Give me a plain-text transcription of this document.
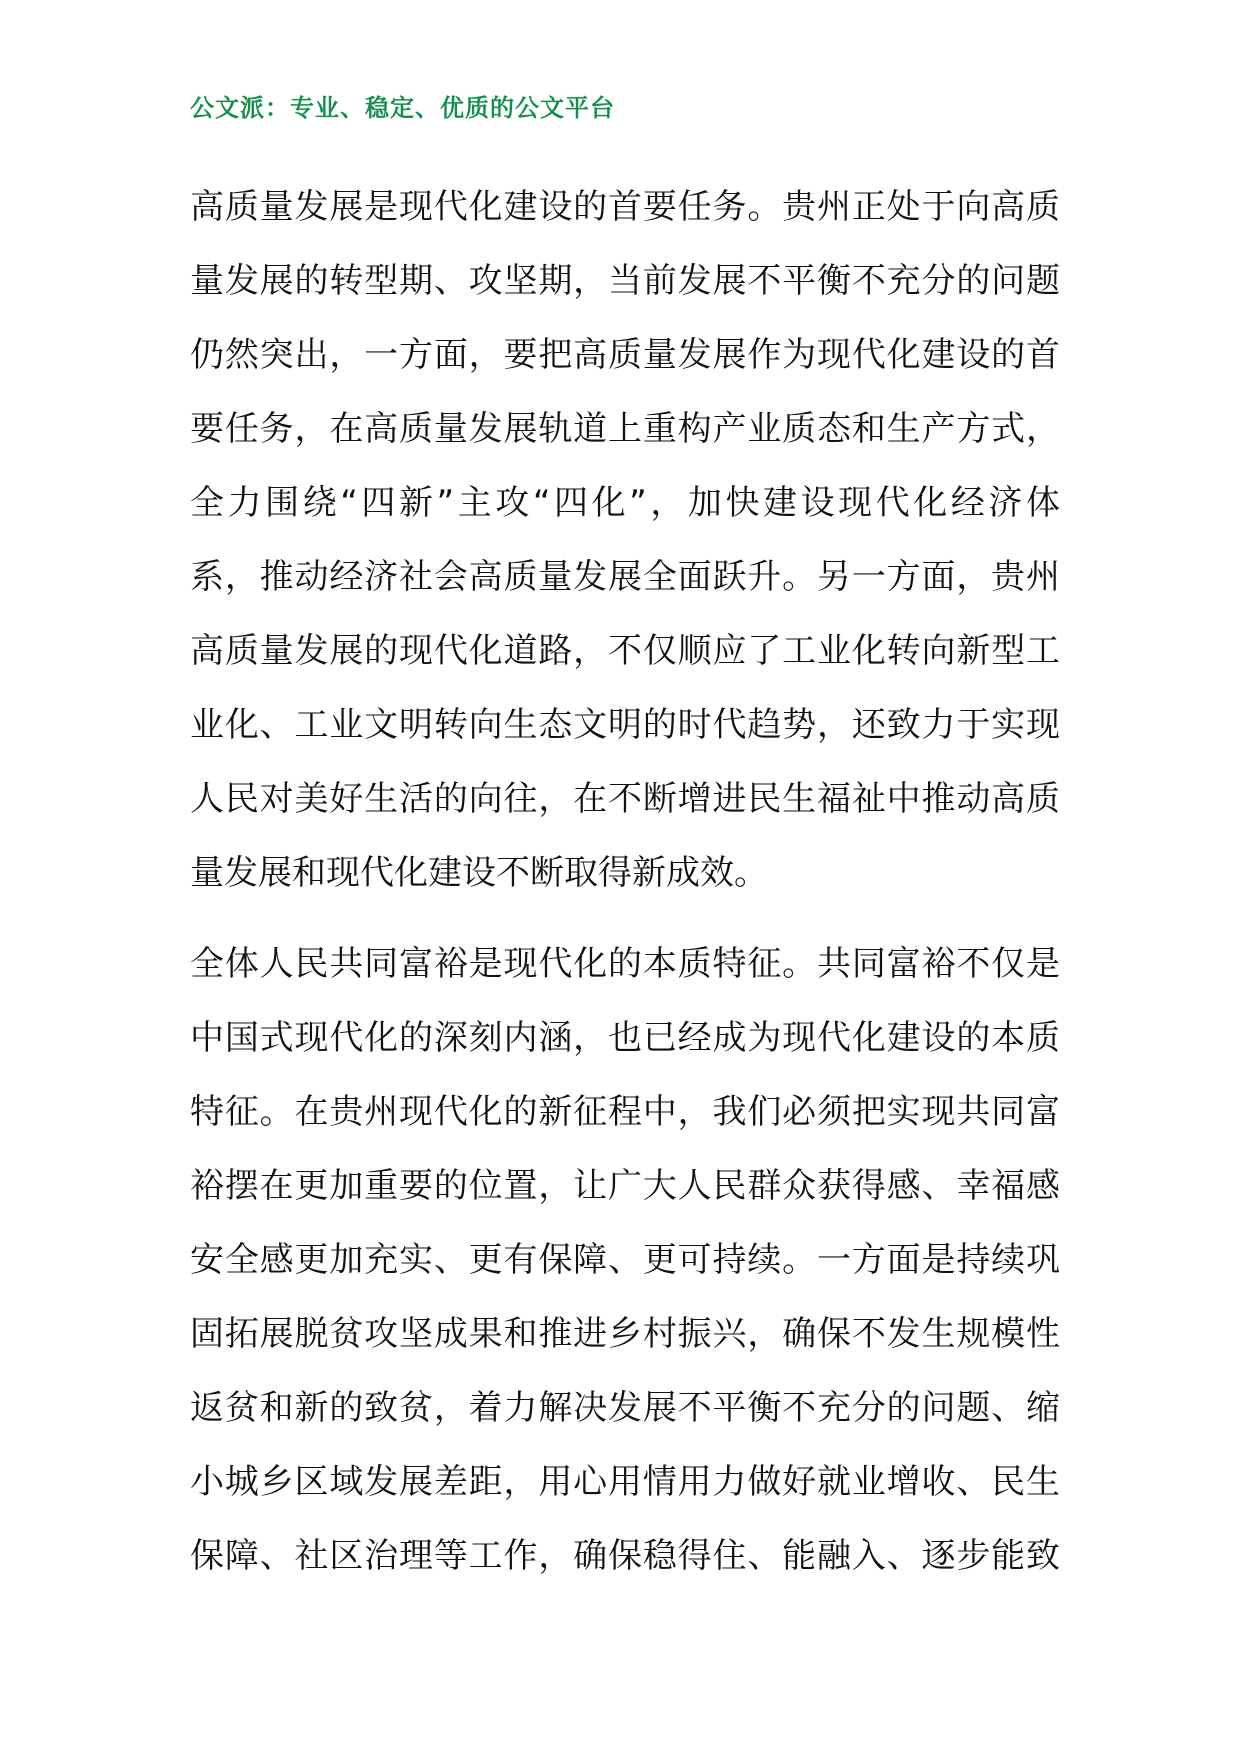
公文派：专业、稳定、优质的公文平台
高质量发展是现代化建设的首要任务。贵州正处于向高质
量发展的转型期、攻坚期，当前发展不平衡不充分的问题
仍然突出，一方面，要把高质量发展作为现代化建设的首
要任务，在高质量发展轨道上重构产业质态和生产方式，
全力围绕“四新”主攻“四化”，加快建设现代化经济体
系，推动经济社会高质量发展全面跃升。另一方面，贵州
高质量发展的现代化道路，不仅顺应了工业化转向新型工
业化、工业文明转向生态文明的时代趋势，还致力于实现
人民对美好生活的向往，在不断增进民生福祉中推动高质
量发展和现代化建设不断取得新成效。
全体人民共同富裕是现代化的本质特征。共同富裕不仅是
中国式现代化的深刻内涵，也已经成为现代化建设的本质
特征。在贵州现代化的新征程中，我们必须把实现共同富
裕摆在更加重要的位置，让广大人民群众获得感、幸福感
安全感更加充实、更有保障、更可持续。一方面是持续巩
固拓展脱贫攻坚成果和推进乡村振兴，确保不发生规模性
返贫和新的致贫，着力解决发展不平衡不充分的问题、缩
小城乡区域发展差距，用心用情用力做好就业增收、民生
保障、社区治理等工作，确保稳得住、能融入、逐步能致
